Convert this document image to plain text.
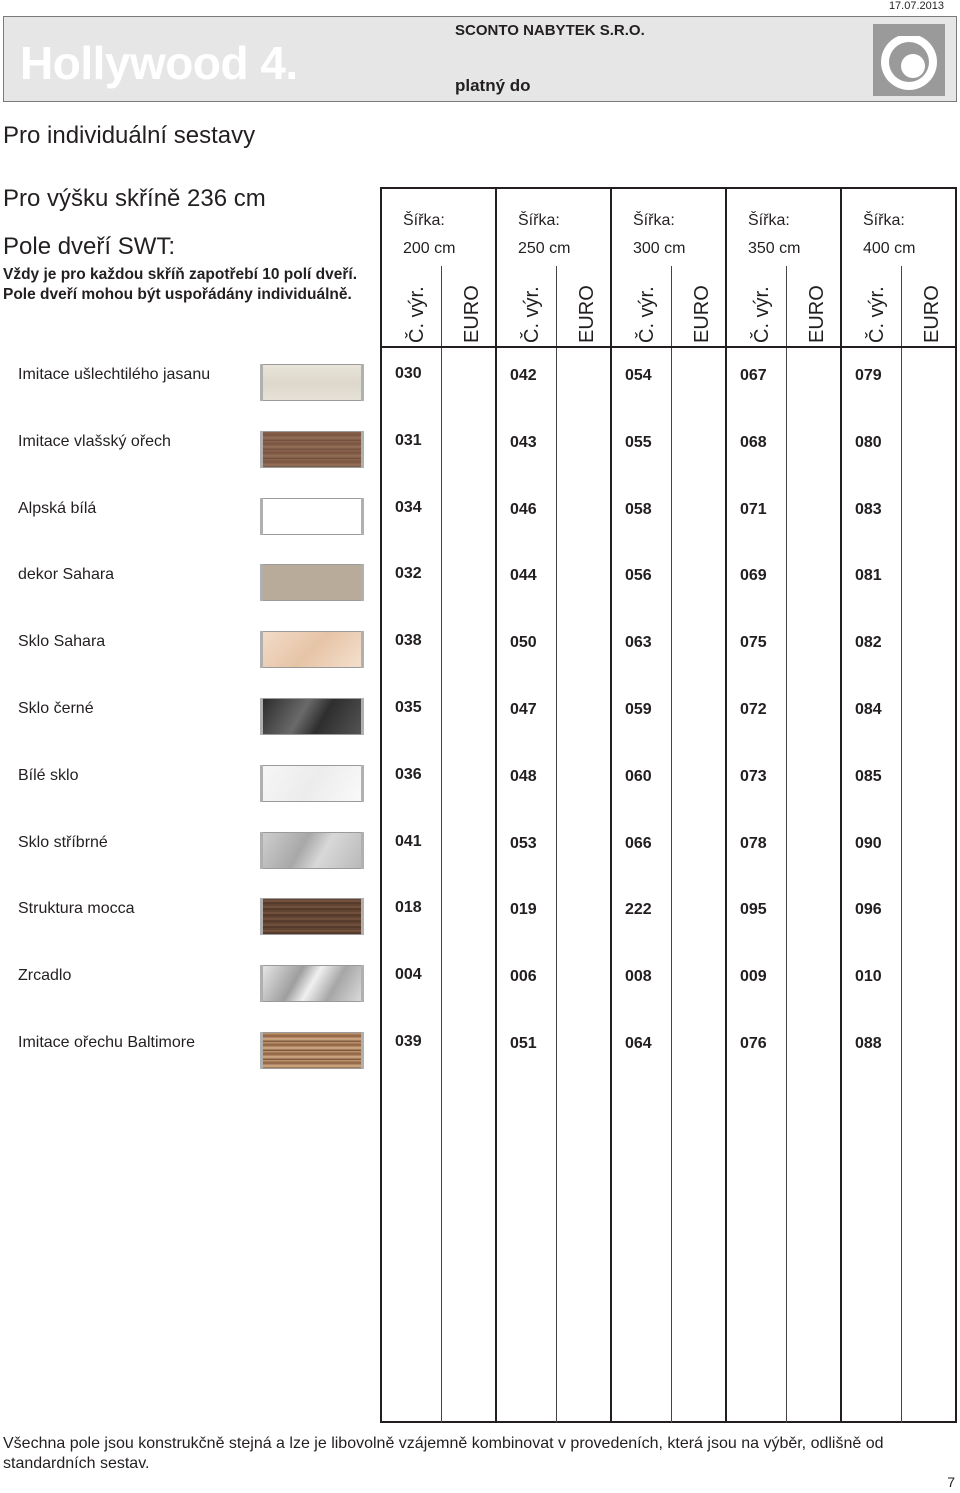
17.07.2013
Hollywood 4.
SCONTO NABYTEK S.R.O.
platný do
Pro individuální sestavy
Pro výšku skříně 236 cm
Pole dveří SWT:
Vždy je pro každou skříň zapotřebí 10 polí dveří. Pole dveří mohou být uspořádány individuálně.
Šířka:
200 cm
Č. výr. EURO
Šířka:
250 cm
Č. výr. EURO
Šířka:
300 cm
Č. výr. EURO
Šířka:
350 cm
Č. výr. EURO
Šířka:
400 cm
Č. výr. EURO
Imitace ušlechtilého jasanu	030	042	054	067	079
Imitace vlašský ořech	031	043	055	068	080
Alpská bílá	034	046	058	071	083
dekor Sahara	032	044	056	069	081
Sklo Sahara	038	050	063	075	082
Sklo černé	035	047	059	072	084
Bílé sklo	036	048	060	073	085
Sklo stříbrné	041	053	066	078	090
Struktura mocca	018	019	222	095	096
Zrcadlo	004	006	008	009	010
Imitace ořechu Baltimore	039	051	064	076	088
Všechna pole jsou konstrukčně stejná a lze je libovolně vzájemně kombinovat v provedeních, která jsou na výběr, odlišně od standardních sestav.
7
